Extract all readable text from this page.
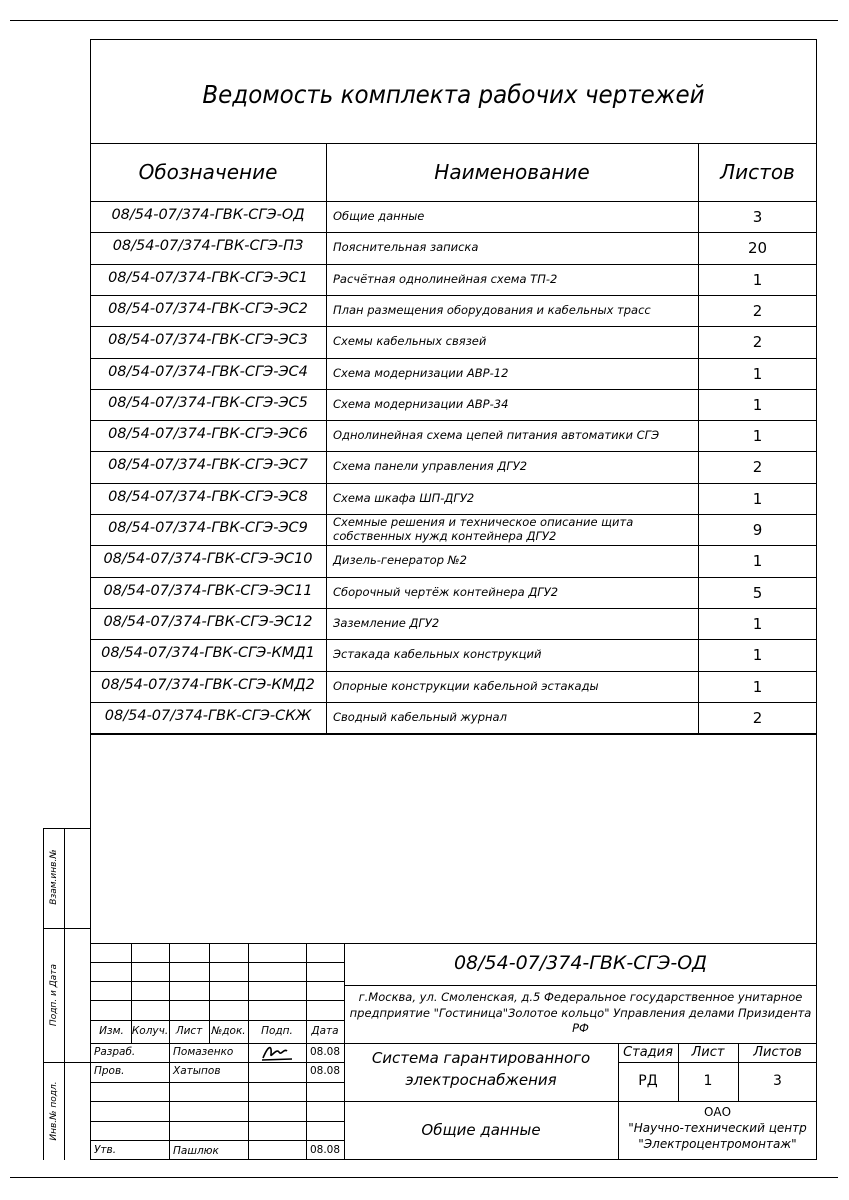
Ведомость комплекта рабочих чертежей
Обозначение	Наименование	Листов
08/54-07/374-ГВК-СГЭ-ОД	Общие данные	3
08/54-07/374-ГВК-СГЭ-ПЗ	Пояснительная записка	20
08/54-07/374-ГВК-СГЭ-ЭС1	Расчётная однолинейная схема ТП-2	1
08/54-07/374-ГВК-СГЭ-ЭС2	План размещения оборудования и кабельных трасс	2
08/54-07/374-ГВК-СГЭ-ЭС3	Схемы кабельных связей	2
08/54-07/374-ГВК-СГЭ-ЭС4	Схема модернизации АВР-12	1
08/54-07/374-ГВК-СГЭ-ЭС5	Схема модернизации АВР-34	1
08/54-07/374-ГВК-СГЭ-ЭС6	Однолинейная схема цепей питания автоматики СГЭ	1
08/54-07/374-ГВК-СГЭ-ЭС7	Схема панели управления ДГУ2	2
08/54-07/374-ГВК-СГЭ-ЭС8	Схема шкафа ШП-ДГУ2	1
08/54-07/374-ГВК-СГЭ-ЭС9	Схемные решения и техническое описание щита
собственных нужд контейнера ДГУ2	9
08/54-07/374-ГВК-СГЭ-ЭС10	Дизель-генератор №2	1
08/54-07/374-ГВК-СГЭ-ЭС11	Сборочный чертёж контейнера ДГУ2	5
08/54-07/374-ГВК-СГЭ-ЭС12	Заземление ДГУ2	1
08/54-07/374-ГВК-СГЭ-КМД1	Эстакада кабельных конструкций	1
08/54-07/374-ГВК-СГЭ-КМД2	Опорные конструкции кабельной эстакады	1
08/54-07/374-ГВК-СГЭ-СКЖ	Сводный кабельный журнал	2
Взам.инв.№
Подп. и Дата
Инв.№ подл.
08/54-07/374-ГВК-СГЭ-ОД
г.Москва, ул. Смоленская, д.5 Федеральное государственное унитарное
предприятие "Гостиница"Золотое кольцо" Управления делами Призидента
РФ
Изм. Колуч. Лист №док.	Подп.	Дата
Разраб.	Помазенко	08.08
Пров.	Хатыпов	08.08
Утв.	Пашлюк	08.08
Система гарантированного
электроснабжения
Общие данные
Стадия	Лист	Листов
РД	1	3
ОАО
"Научно-технический центр
"Электроцентромонтаж"
